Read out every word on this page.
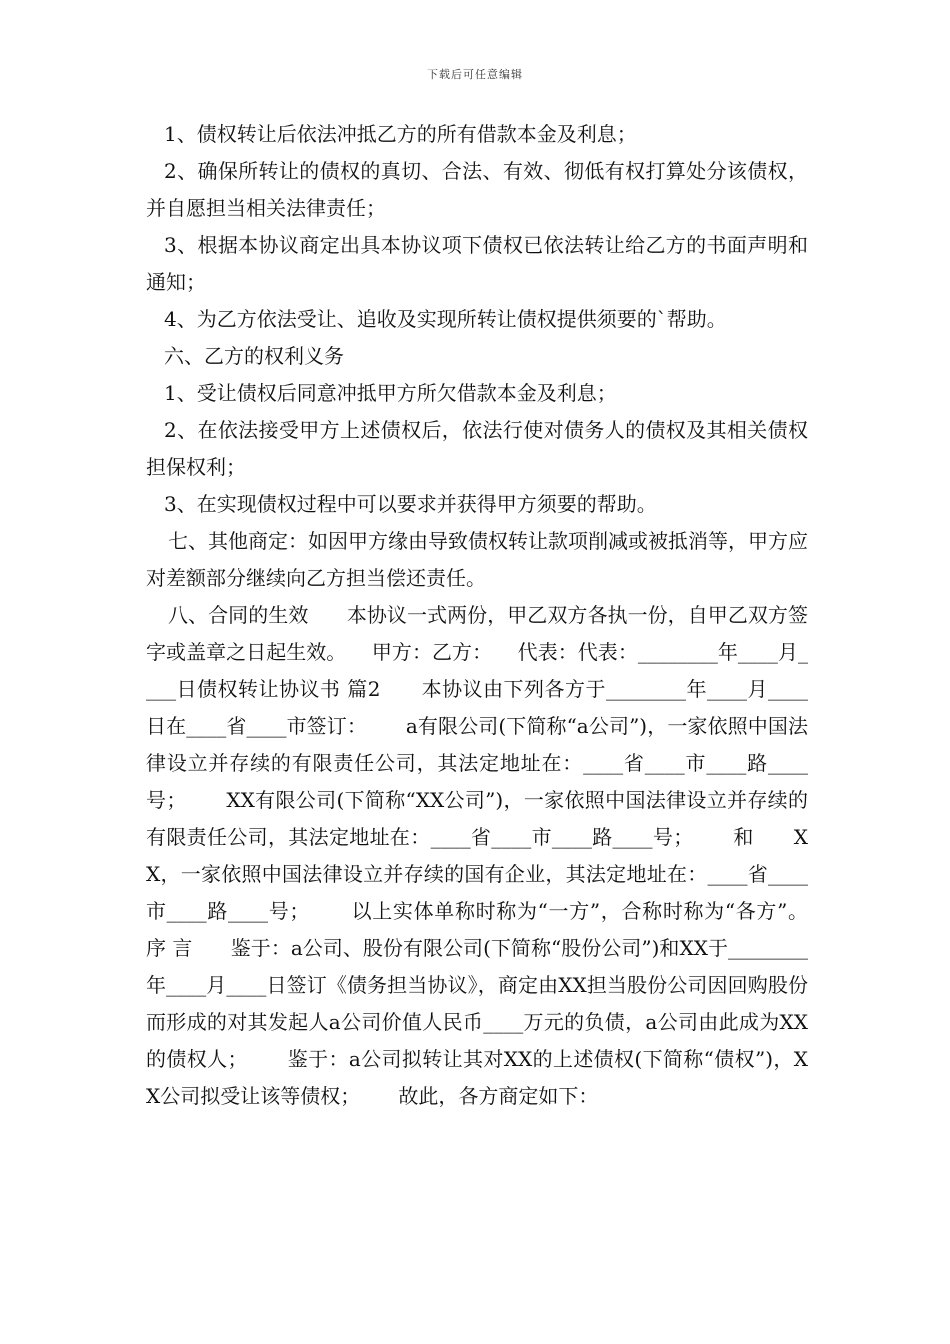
下载后可任意编辑

1、债权转让后依法冲抵乙方的所有借款本金及利息；

2、确保所转让的债权的真切、合法、有效、彻低有权打算处分该债权，并自愿担当相关法律责任；

3、根据本协议商定出具本协议项下债权已依法转让给乙方的书面声明和通知；

4、为乙方依法受让、追收及实现所转让债权提供须要的`帮助。

六、乙方的权利义务

1、受让债权后同意冲抵甲方所欠借款本金及利息；

2、在依法接受甲方上述债权后，依法行使对债务人的债权及其相关债权担保权利；

3、在实现债权过程中可以要求并获得甲方须要的帮助。

七、其他商定：如因甲方缘由导致债权转让款项削减或被抵消等，甲方应对差额部分继续向乙方担当偿还责任。

八、合同的生效      本协议一式两份，甲乙双方各执一份，自甲乙双方签字或盖章之日起生效。    甲方：乙方：    代表：代表：________年____月____日债权转让协议书 篇2      本协议由下列各方于________年____月____日在____省____市签订：      a有限公司(下简称“a公司”)，一家依照中国法律设立并存续的有限责任公司，其法定地址在：____省____市____路____号；      XX有限公司(下简称“XX公司”)，一家依照中国法律设立并存续的有限责任公司，其法定地址在：____省____市____路____号；      和      XX，一家依照中国法律设立并存续的国有企业，其法定地址在：____省____市____路____号；      以上实体单称时称为“一方”，合称时称为“各方”。      序 言      鉴于：a公司、股份有限公司(下简称“股份公司”)和XX于________年____月____日签订《债务担当协议》，商定由XX担当股份公司因回购股份而形成的对其发起人a公司价值人民币____万元的负债，a公司由此成为XX的债权人；      鉴于：a公司拟转让其对XX的上述债权(下简称“债权”)，XX公司拟受让该等债权；      故此，各方商定如下：
